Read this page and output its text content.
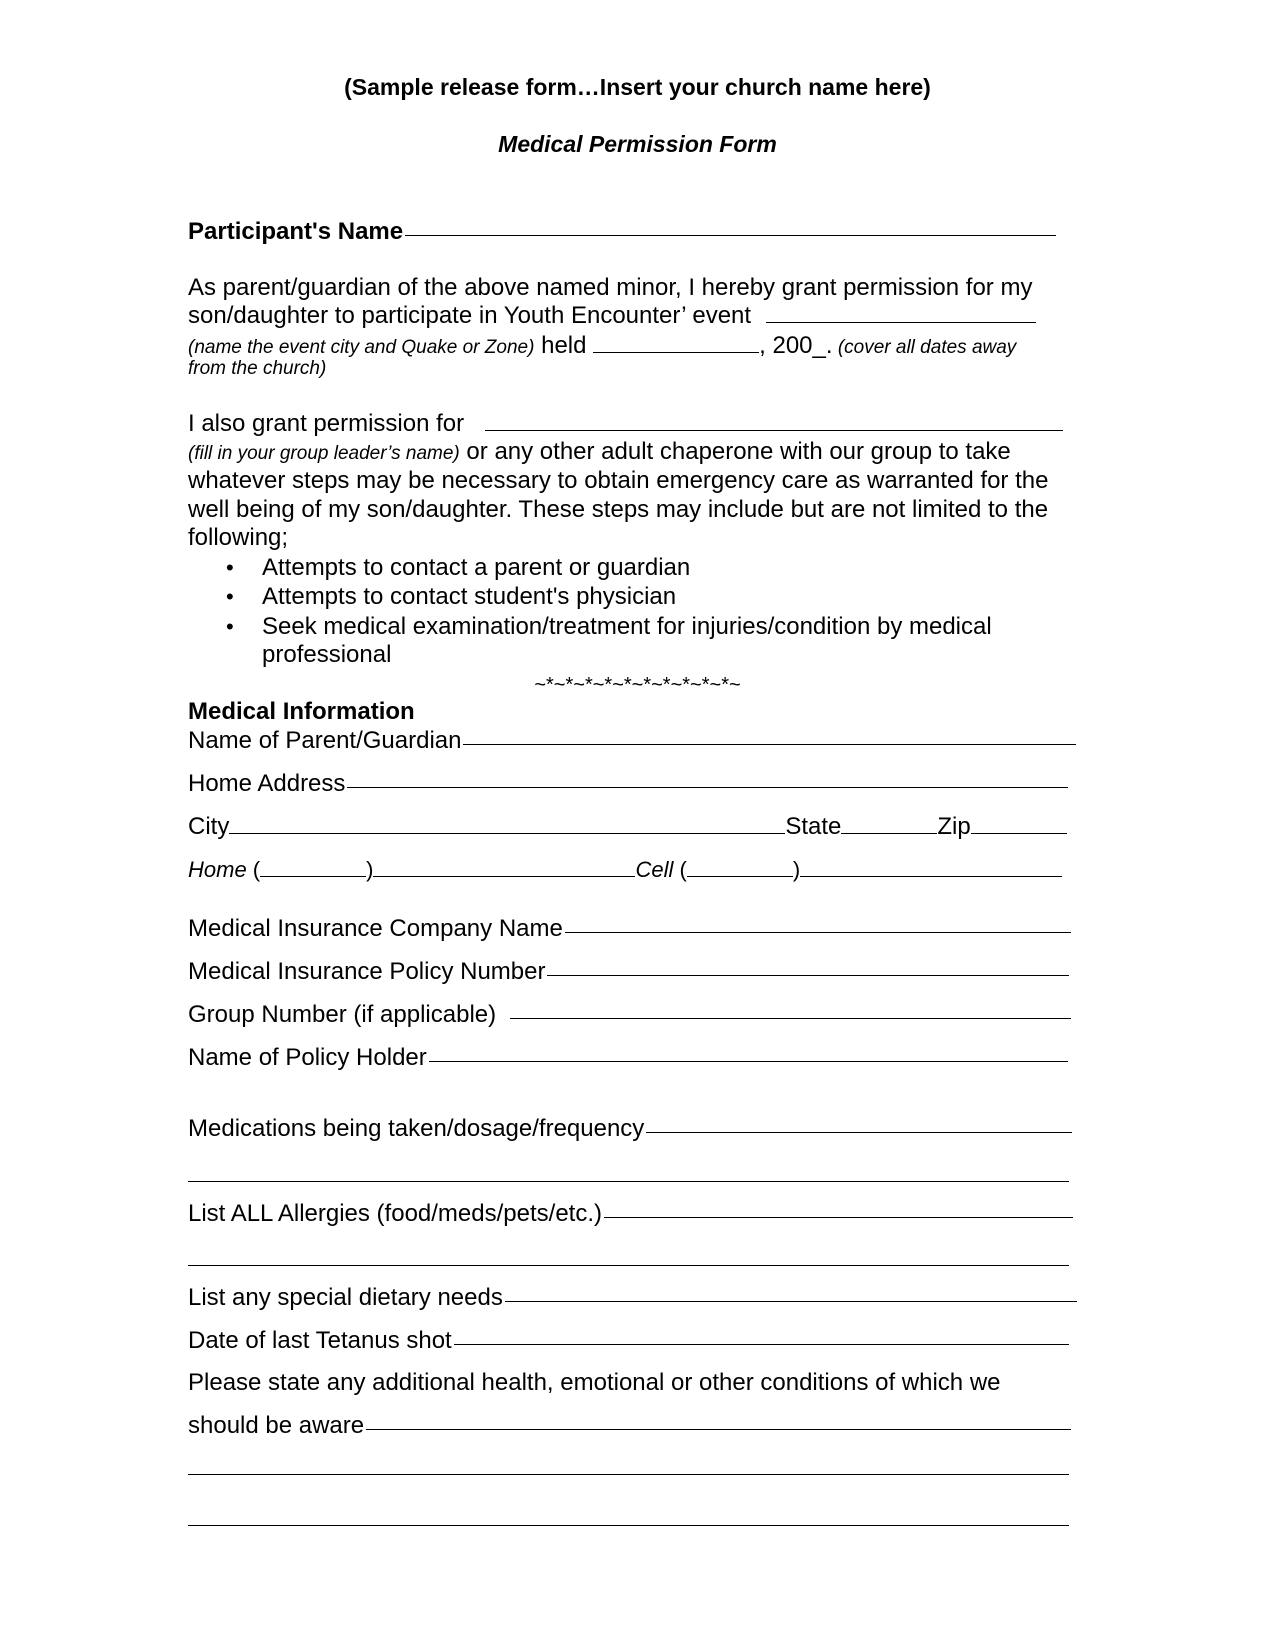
(Sample release form…Insert your church name here)
Medical Permission Form
Participant's Name
As parent/guardian of the above named minor, I hereby grant permission for my
son/daughter to participate in Youth Encounter’ event
(name the event city and Quake or Zone) held	, 200_. (cover all dates away
from the church)
I also grant permission for
(fill in your group leader’s name) or any other adult chaperone with our group to take
whatever steps may be necessary to obtain emergency care as warranted for the
well being of my son/daughter. These steps may include but are not limited to the
following;
• Attempts to contact a parent or guardian
• Attempts to contact student's physician
• Seek medical examination/treatment for injuries/condition by medical
professional
~*~*~*~*~*~*~*~*~*~*~
Medical Information
Name of Parent/Guardian
Home Address
City	State	Zip
Home (	)	Cell (	)
Medical Insurance Company Name
Medical Insurance Policy Number
Group Number (if applicable)
Name of Policy Holder
Medications being taken/dosage/frequency
List ALL Allergies (food/meds/pets/etc.)
List any special dietary needs
Date of last Tetanus shot
Please state any additional health, emotional or other conditions of which we
should be aware
